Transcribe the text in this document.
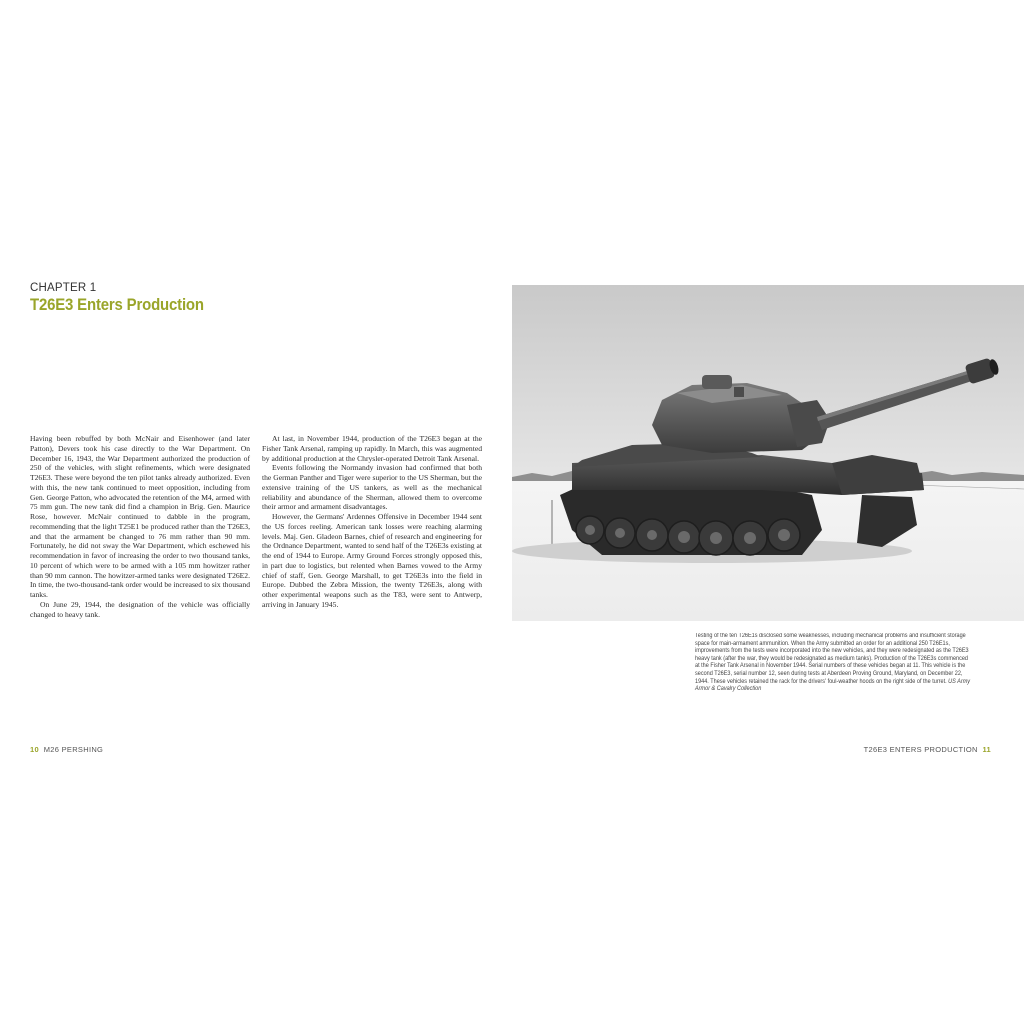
CHAPTER 1
T26E3 Enters Production

Having been rebuffed by both McNair and Eisenhower (and later Patton), Devers took his case directly to the War Department. On December 16, 1943, the War Department authorized the production of 250 of the vehicles, with slight refinements, which were designated T26E3. These were beyond the ten pilot tanks already authorized. Even with this, the new tank continued to meet opposition, including from Gen. George Patton, who advocated the retention of the M4, armed with 75 mm gun. The new tank did find a champion in Brig. Gen. Maurice Rose, however. McNair continued to dabble in the program, recommending that the light T25E1 be produced rather than the T26E3, and that the armament be changed to 76 mm rather than 90 mm. Fortunately, he did not sway the War Department, which eschewed his recommendation in favor of increasing the order to two thousand tanks, 10 percent of which were to be armed with a 105 mm howitzer rather than 90 mm cannon. The howitzer-armed tanks were designated T26E2. In time, the two-thousand-tank order would be increased to six thousand tanks.

On June 29, 1944, the designation of the vehicle was officially changed to heavy tank.

At last, in November 1944, production of the T26E3 began at the Fisher Tank Arsenal, ramping up rapidly. In March, this was augmented by additional production at the Chrysler-operated Detroit Tank Arsenal.

Events following the Normandy invasion had confirmed that both the German Panther and Tiger were superior to the US Sherman, but the extensive training of the US tankers, as well as the mechanical reliability and abundance of the Sherman, allowed them to overcome their armor and armament disadvantages.

However, the Germans' Ardennes Offensive in December 1944 sent the US forces reeling. American tank losses were reaching alarming levels. Maj. Gen. Gladeon Barnes, chief of research and engineering for the Ordnance Department, wanted to send half of the T26E3s existing at the end of 1944 to Europe. Army Ground Forces strongly opposed this, in part due to logistics, but relented when Barnes vowed to the Army chief of staff, Gen. George Marshall, to get T26E3s into the field in Europe. Dubbed the Zebra Mission, the twenty T26E3s, along with other experimental weapons such as the T83, were sent to Antwerp, arriving in January 1945.

10 M26 PERSHING
Testing of the ten T26E1s disclosed some weaknesses, including mechanical problems and insufficient storage space for main-armament ammunition. When the Army submitted an order for an additional 250 T26E1s, improvements from the tests were incorporated into the new vehicles, and they were redesignated as the T26E3 heavy tank (after the war, they would be redesignated as medium tanks). Production of the T26E3s commenced at the Fisher Tank Arsenal in November 1944. Serial numbers of these vehicles began at 11. This vehicle is the second T26E3, serial number 12, seen during tests at Aberdeen Proving Ground, Maryland, on December 22, 1944. These vehicles retained the rack for the drivers' foul-weather hoods on the right side of the turret. US Army Armor & Cavalry Collection
T26E3 ENTERS PRODUCTION 11
